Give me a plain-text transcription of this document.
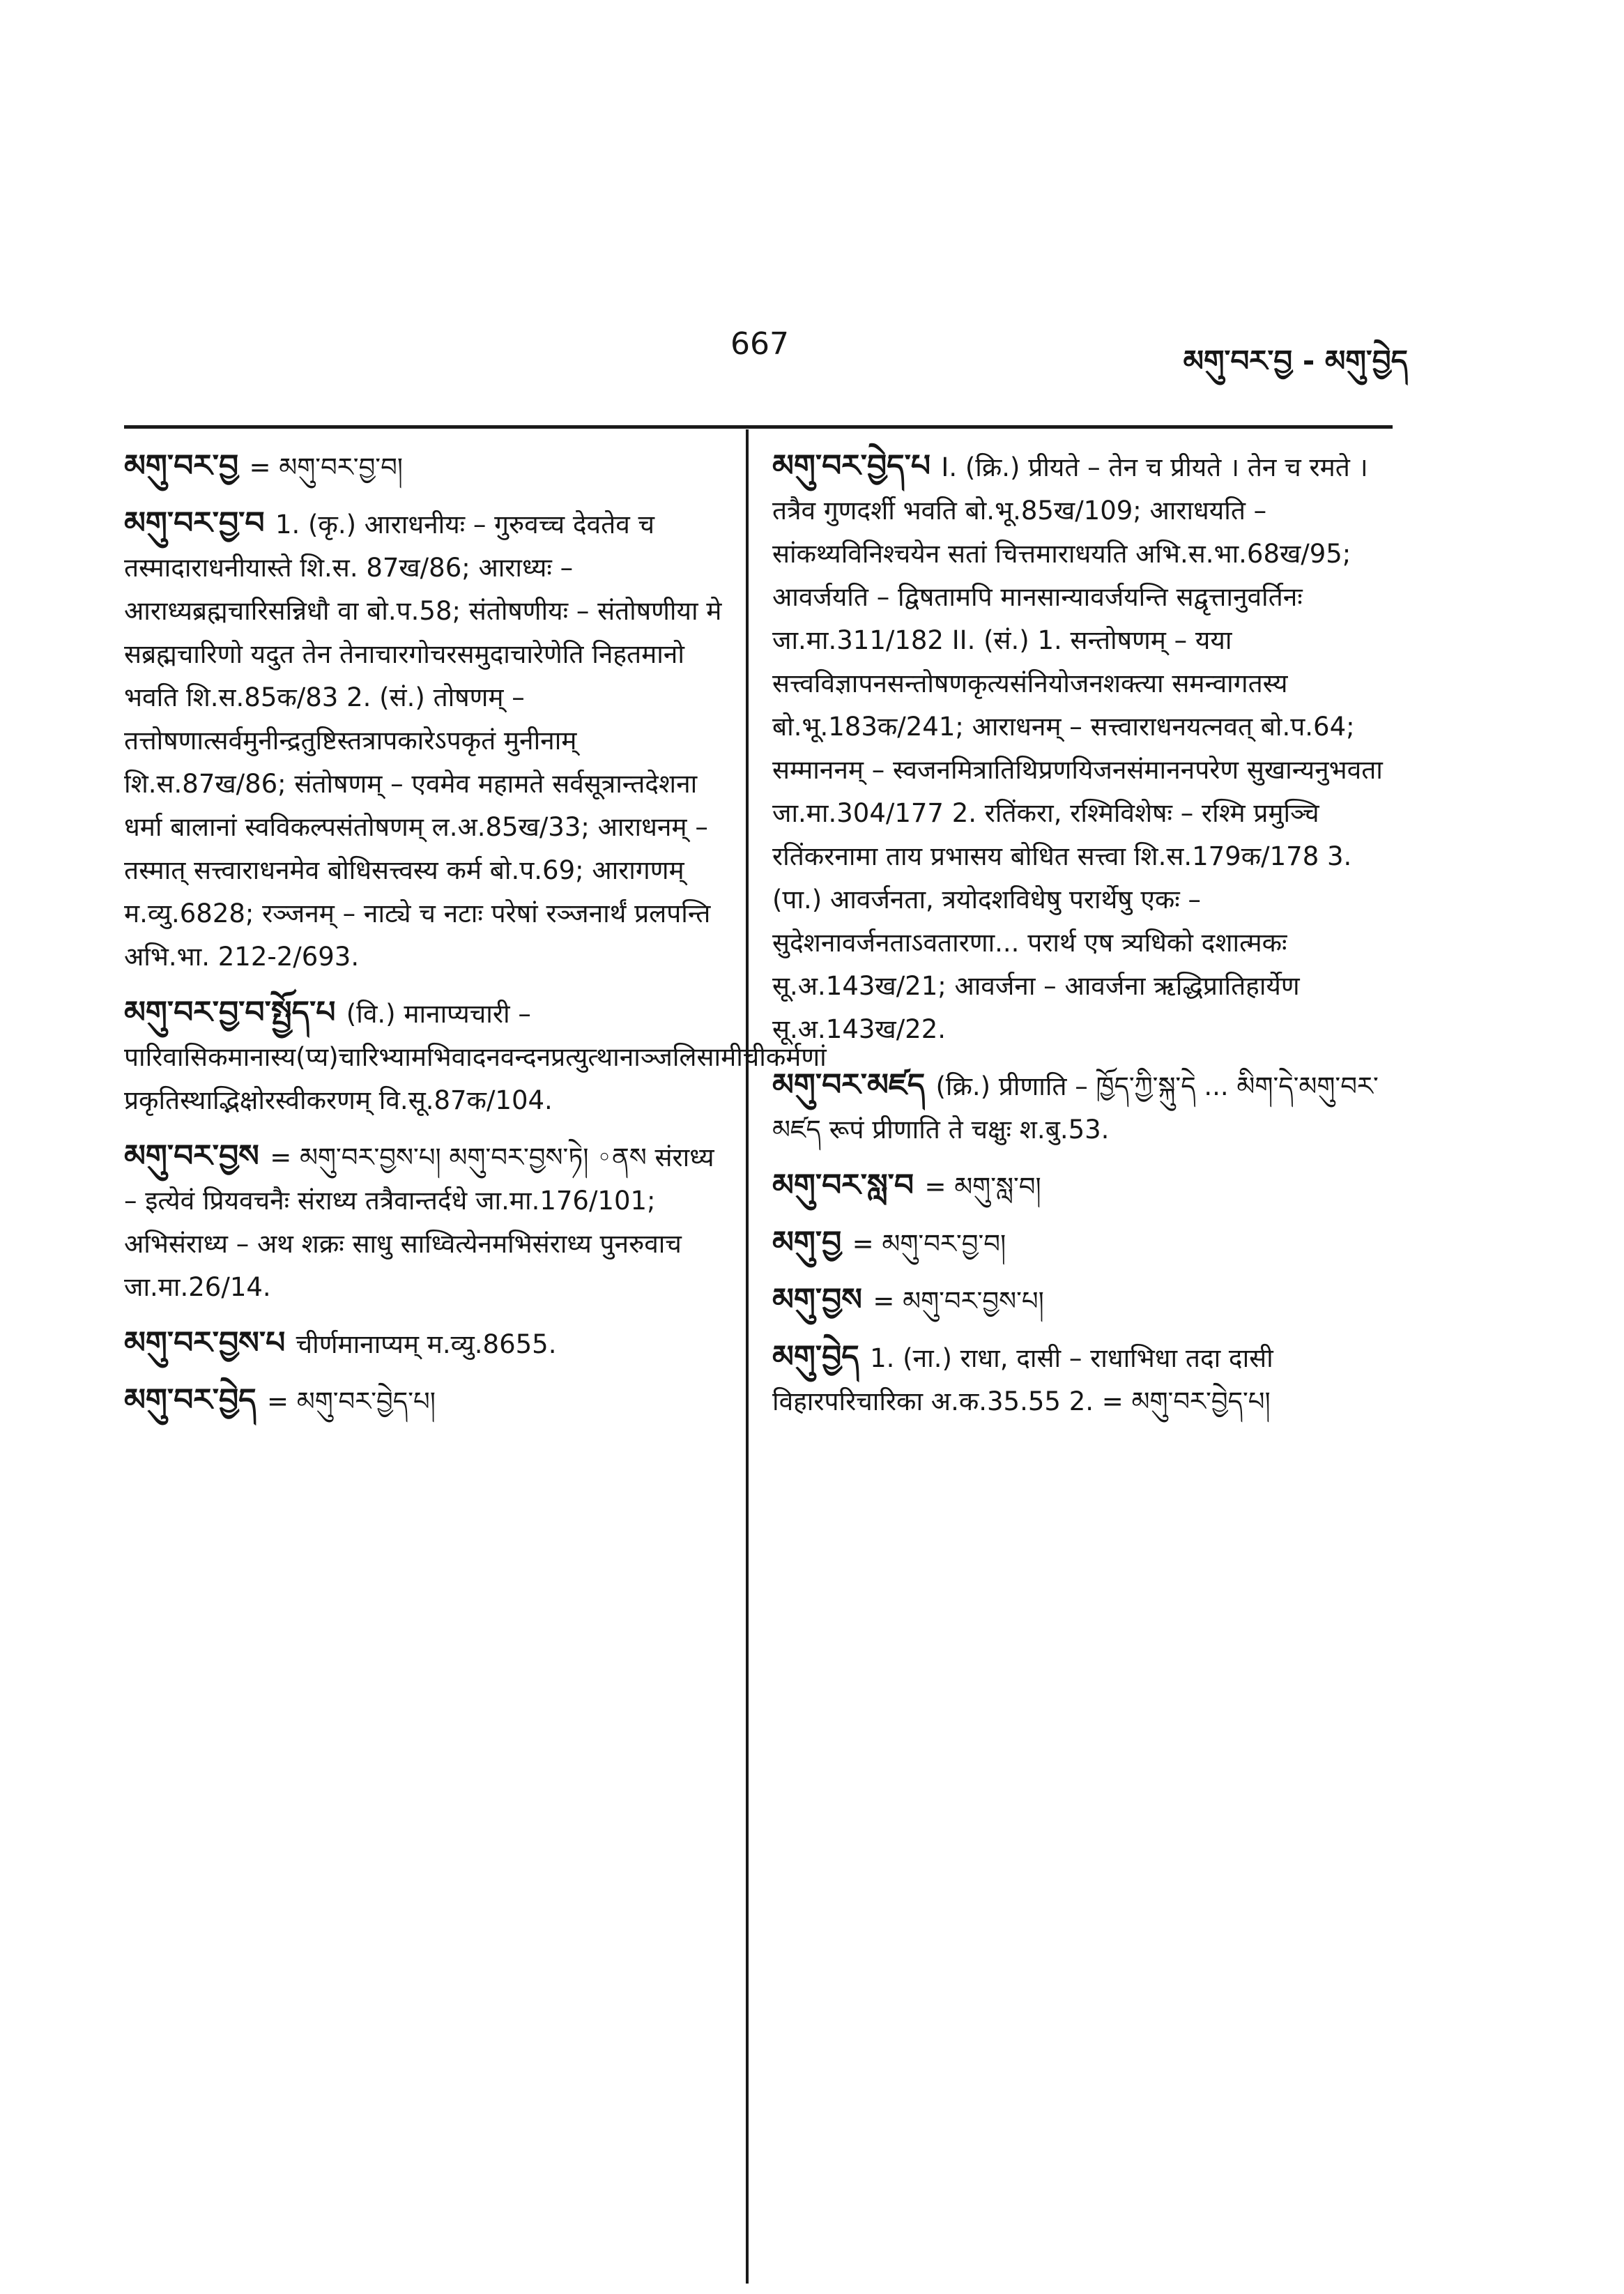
667	མགུ་བར་བྱ - མགུ་བྱེད
མགུ་བར་བྱ = མགུ་བར་བྱ་བ།
མགུ་བར་བྱ་བ 1. (कृ.) आराधनीयः – गुरुवच्च देवतेव च तस्मादाराधनीयास्ते शि.स. 87ख/86; आराध्यः – आराध्यब्रह्मचारिसन्निधौ वा बो.प.58; संतोषणीयः – संतोषणीया मे सब्रह्मचारिणो यदुत तेन तेनाचारगोचरसमुदाचारेणेति निहतमानो भवति शि.स.85क/83 2. (सं.) तोषणम् – तत्तोषणात्सर्वमुनीन्द्रतुष्टिस्तत्रापकारेऽपकृतं मुनीनाम् शि.स.87ख/86; संतोषणम् – एवमेव महामते सर्वसूत्रान्तदेशना धर्मा बालानां स्वविकल्पसंतोषणम् ल.अ.85ख/33; आराधनम् – तस्मात् सत्त्वाराधनमेव बोधिसत्त्वस्य कर्म बो.प.69; आरागणम् म.व्यु.6828; रञ्जनम् – नाट्ये च नटाः परेषां रञ्जनार्थं प्रलपन्ति अभि.भा. 212-2/693.
མགུ་བར་བྱ་བ་སྤྱོད་པ (वि.) मानाप्यचारी – पारिवासिकमानास्य(प्य)चारिभ्यामभिवादनवन्दनप्रत्युत्थानाञ्जलिसामीचीकर्मणां प्रकृतिस्थाद्भिक्षोरस्वीकरणम् वि.सू.87क/104.
མགུ་བར་བྱས = མགུ་བར་བྱས་པ། མགུ་བར་བྱས་ཏེ། ◦ནས संराध्य – इत्येवं प्रियवचनैः संराध्य तत्रैवान्तर्दधे जा.मा.176/101; अभिसंराध्य – अथ शक्रः साधु साध्वित्येनमभिसंराध्य पुनरुवाच जा.मा.26/14.
མགུ་བར་བྱས་པ चीर्णमानाप्यम् म.व्यु.8655.
མགུ་བར་བྱེད = མགུ་བར་བྱེད་པ།
མགུ་བར་བྱེད་པ I. (क्रि.) प्रीयते – तेन च प्रीयते । तेन च रमते । तत्रैव गुणदर्शी भवति बो.भू.85ख/109; आराधयति – सांकथ्यविनिश्चयेन सतां चित्तमाराधयति अभि.स.भा.68ख/95; आवर्जयति – द्विषतामपि मानसान्यावर्जयन्ति सद्वृत्तानुवर्तिनः जा.मा.311/182 II. (सं.) 1. सन्तोषणम् – यया सत्त्वविज्ञापनसन्तोषणकृत्यसंनियोजनशक्त्या समन्वागतस्य बो.भू.183क/241; आराधनम् – सत्त्वाराधनयत्नवत् बो.प.64; सम्माननम् – स्वजनमित्रातिथिप्रणयिजनसंमाननपरेण सुखान्यनुभवता जा.मा.304/177 2. रतिंकरा, रश्मिविशेषः – रश्मि प्रमुञ्चि रतिंकरनामा ताय प्रभासय बोधित सत्त्वा शि.स.179क/178 3. (पा.) आवर्जनता, त्रयोदशविधेषु परार्थेषु एकः – सुदेशनावर्जनताऽवतारणा... परार्थ एष त्र्यधिको दशात्मकः सू.अ.143ख/21; आवर्जना – आवर्जना ऋद्धिप्रातिहार्येण सू.अ.143ख/22.
མགུ་བར་མཛད (क्रि.) प्रीणाति – ཁྱོད་ཀྱི་སྐུ་དེ ... མིག་དེ་མགུ་བར་མཛད रूपं प्रीणाति ते चक्षुः श.बु.53.
མགུ་བར་སླ་བ = མགུ་སླ་བ།
མགུ་བྱ = མགུ་བར་བྱ་བ།
མགུ་བྱས = མགུ་བར་བྱས་པ།
མགུ་བྱེད 1. (ना.) राधा, दासी – राधाभिधा तदा दासी विहारपरिचारिका अ.क.35.55 2. = མགུ་བར་བྱེད་པ།
